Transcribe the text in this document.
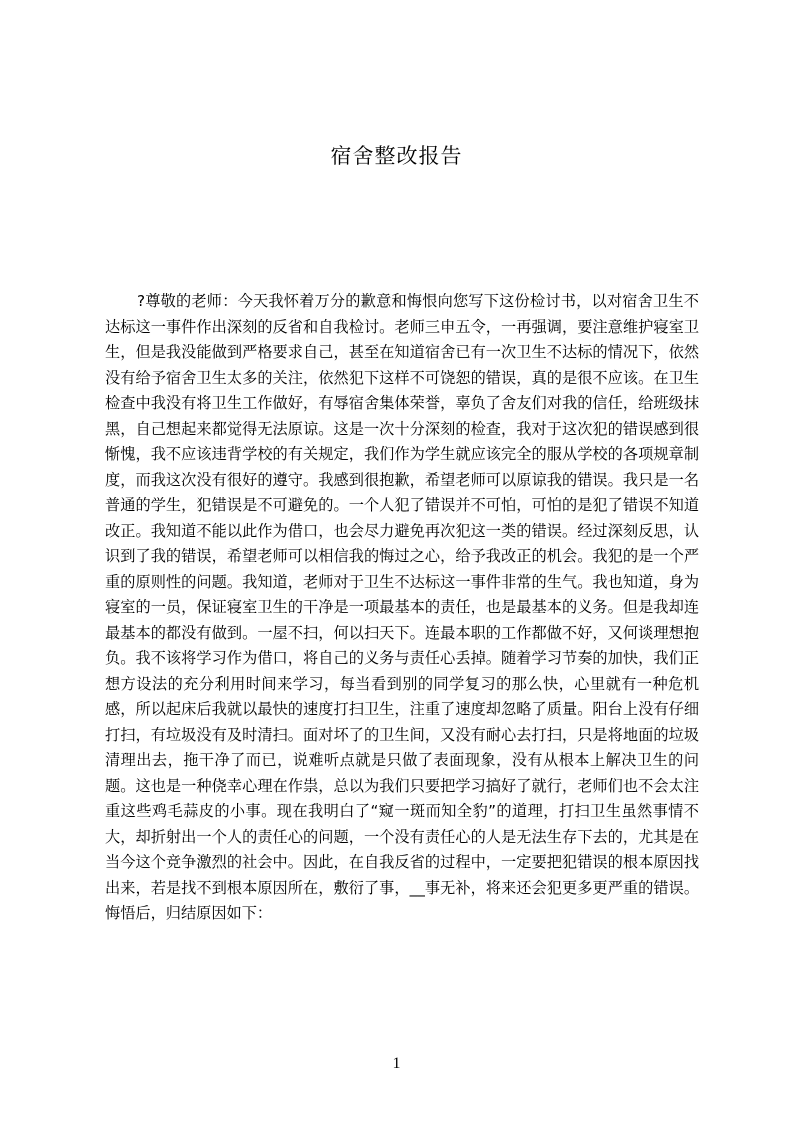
宿舍整改报告

?尊敬的老师：今天我怀着万分的歉意和悔恨向您写下这份检讨书，以对宿舍卫生不达标这一事件作出深刻的反省和自我检讨。老师三申五令，一再强调，要注意维护寝室卫生，但是我没能做到严格要求自己，甚至在知道宿舍已有一次卫生不达标的情况下，依然没有给予宿舍卫生太多的关注，依然犯下这样不可饶恕的错误，真的是很不应该。在卫生检查中我没有将卫生工作做好，有辱宿舍集体荣誉，辜负了舍友们对我的信任，给班级抹黑，自己想起来都觉得无法原谅。这是一次十分深刻的检查，我对于这次犯的错误感到很惭愧，我不应该违背学校的有关规定，我们作为学生就应该完全的服从学校的各项规章制度，而我这次没有很好的遵守。我感到很抱歉，希望老师可以原谅我的错误。我只是一名普通的学生，犯错误是不可避免的。一个人犯了错误并不可怕，可怕的是犯了错误不知道改正。我知道不能以此作为借口，也会尽力避免再次犯这一类的错误。经过深刻反思，认识到了我的错误，希望老师可以相信我的悔过之心，给予我改正的机会。我犯的是一个严重的原则性的问题。我知道，老师对于卫生不达标这一事件非常的生气。我也知道，身为寝室的一员，保证寝室卫生的干净是一项最基本的责任，也是最基本的义务。但是我却连最基本的都没有做到。一屋不扫，何以扫天下。连最本职的工作都做不好，又何谈理想抱负。我不该将学习作为借口，将自己的义务与责任心丢掉。随着学习节奏的加快，我们正想方设法的充分利用时间来学习，每当看到别的同学复习的那么快，心里就有一种危机感，所以起床后我就以最快的速度打扫卫生，注重了速度却忽略了质量。阳台上没有仔细打扫，有垃圾没有及时清扫。面对坏了的卫生间，又没有耐心去打扫，只是将地面的垃圾清理出去，拖干净了而已，说难听点就是只做了表面现象，没有从根本上解决卫生的问题。这也是一种侥幸心理在作祟，总以为我们只要把学习搞好了就行，老师们也不会太注重这些鸡毛蒜皮的小事。现在我明白了“窥一斑而知全豹”的道理，打扫卫生虽然事情不大，却折射出一个人的责任心的问题，一个没有责任心的人是无法生存下去的，尤其是在当今这个竞争激烈的社会中。因此，在自我反省的过程中，一定要把犯错误的根本原因找出来，若是找不到根本原因所在，敷衍了事，__事无补，将来还会犯更多更严重的错误。悔悟后，归结原因如下：

1
